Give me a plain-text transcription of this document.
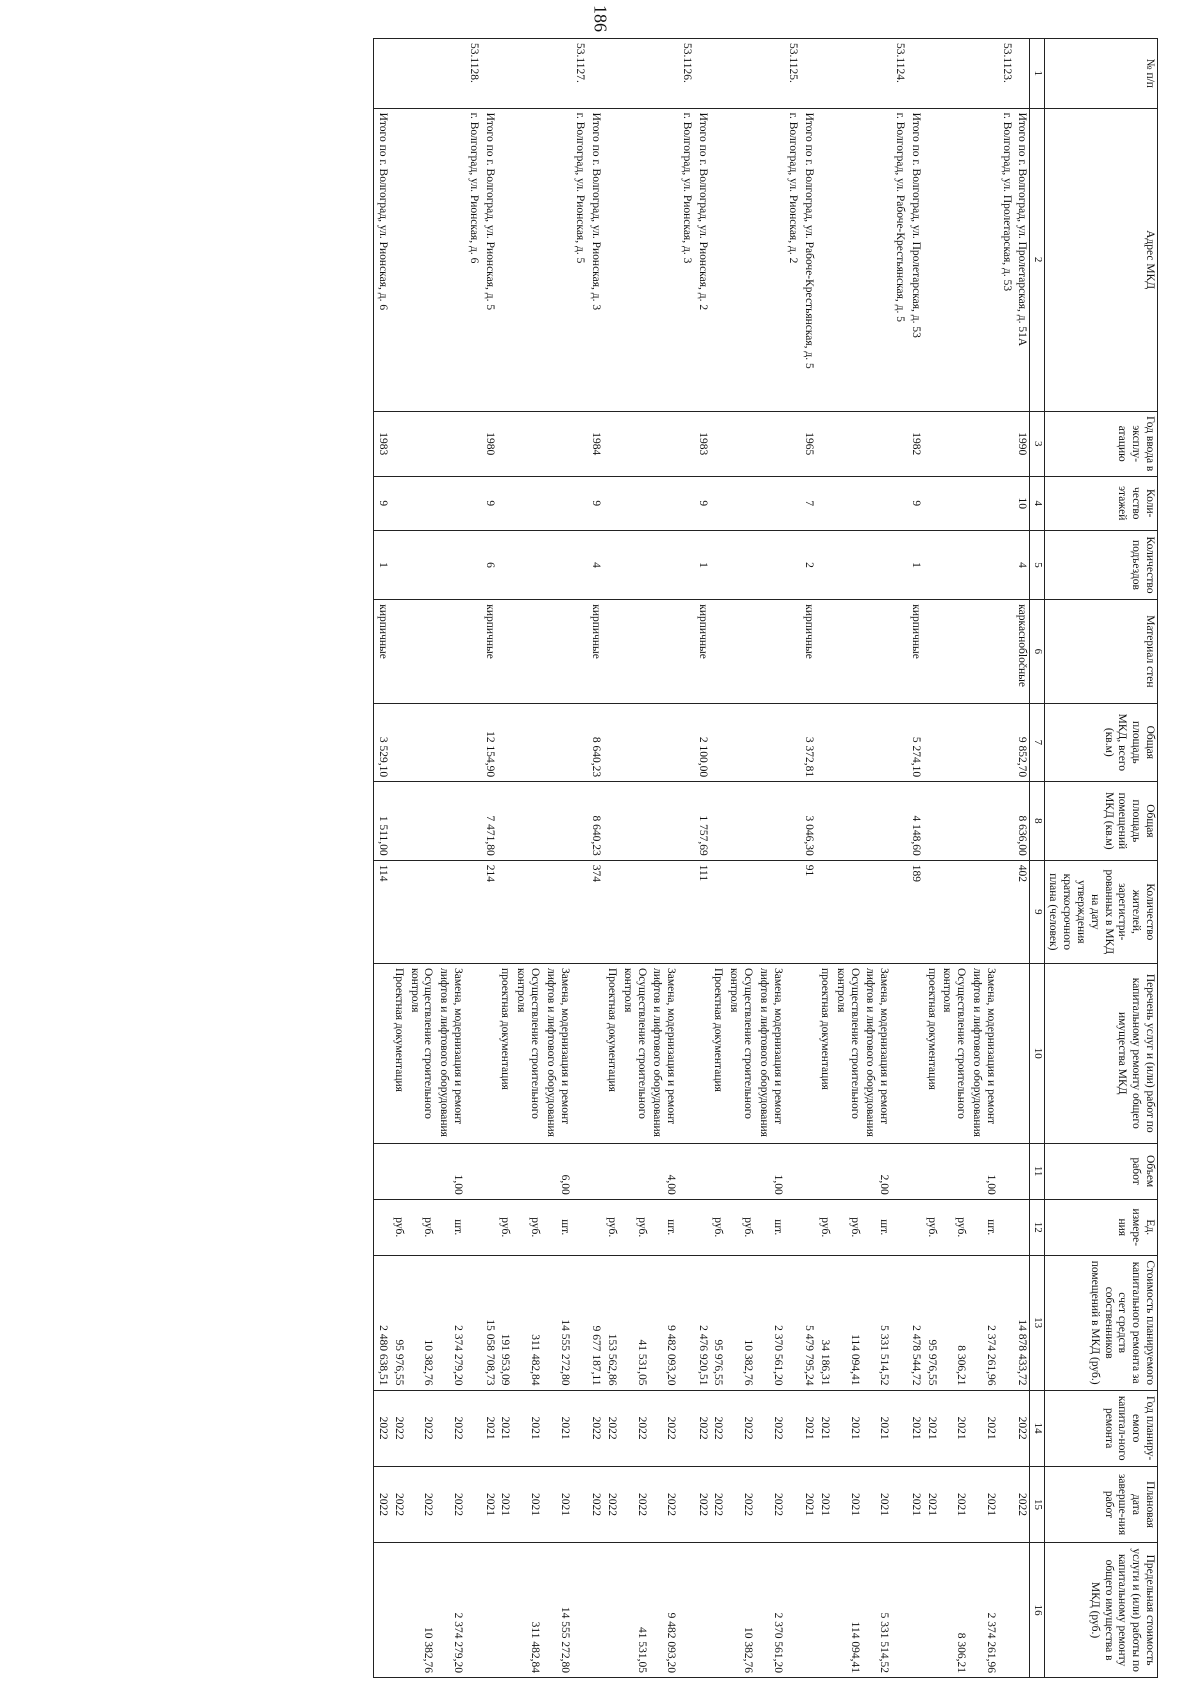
186
№ п/п	Адрес МКД	Год ввода в эксплу-атацию	Коли-чество этажей	Количество подъездов	Материал стен	Общая площадь МКД, всего (кв.м)	Общая площадь помещений МКД (кв.м)	Количество жителей, зарегистри-рованных в МКД на дату утверждения краткосрочного плана (человек)	Перечень услуг и (или) работ по капитальному ремонту общего имущества МКД	Объем работ	Ед. измере-ния	Стоимость планируемого капитального ремонта за счет средств собственников помещений в МКД (руб.)	Год планиру-емого капитал-ного ремонта	Плановая дата заверше-ния работ	Предельная стоимость услуги и (или) работы по капитальному ремонту общего имущества в МКД (руб.)
1	2	3	4	5	6	7	8	9	10	11	12	13	14	15	16
	Итого по г. Волгоград, ул. Пролетарская, д. 51А	1990	10	4	каркаснобločные	9 852,70	8 636,00	402				14 878 433,72	2022	2022	
53.1123.	г. Волгоград, ул. Пролетарская, д. 53														
									Замена, модернизация и ремонт лифтов и лифтового оборудования	1,00	шт.	2 374 261,96	2021	2021	2 374 261,96
									Осуществление строительного контроля		руб.	8 306,21	2021	2021	8 306,21
									проектная документация		руб.	95 976,55	2021	2021	
	Итого по г. Волгоград, ул. Пролетарская, д. 53	1982	9	1	кирпичные	5 274,10	4 148,60	189				2 478 544,72	2021	2021	
53.1124.	г. Волгоград, ул. Рабоче-Крестьянская, д. 5														
									Замена, модернизация и ремонт лифтов и лифтового оборудования	2,00	шт.	5 331 514,52	2021	2021	5 331 514,52
									Осуществление строительного контроля		руб.	114 094,41	2021	2021	114 094,41
									проектная документация		руб.	34 186,31	2021	2021	
	Итого по г. Волгоград, ул. Рабоче-Крестьянская, д. 5	1965	7	2	кирпичные	3 372,81	3 046,30	91				5 479 795,24	2021	2021	
53.1125.	г. Волгоград, ул. Рионская, д. 2														
									Замена, модернизация и ремонт лифтов и лифтового оборудования	1,00	шт.	2 370 561,20	2022	2022	2 370 561,20
									Осуществление строительного контроля		руб.	10 382,76	2022	2022	10 382,76
									Проектная документация		руб.	95 976,55	2022	2022	
	Итого по г. Волгоград, ул. Рионская, д. 2	1983	9	1	кирпичные	2 100,00	1 757,69	111				2 476 920,51	2022	2022	
53.1126.	г. Волгоград, ул. Рионская, д. 3														
									Замена, модернизация и ремонт лифтов и лифтового оборудования	4,00	шт.	9 482 093,20	2022	2022	9 482 093,20
									Осуществление строительного контроля		руб.	41 531,05	2022	2022	41 531,05
									Проектная документация		руб.	153 562,86	2022	2022	
	Итого по г. Волгоград, ул. Рионская, д. 3	1984	9	4	кирпичные	8 640,23	8 640,23	374				9 677 187,11	2022	2022	
53.1127.	г. Волгоград, ул. Рионская, д. 5														
									Замена, модернизация и ремонт лифтов и лифтового оборудования	6,00	шт.	14 555 272,80	2021	2021	14 555 272,80
									Осуществление строительного контроля		руб.	311 482,84	2021	2021	311 482,84
									проектная документация		руб.	191 953,09	2021	2021	
	Итого по г. Волгоград, ул. Рионская, д. 5	1980	9	6	кирпичные	12 154,90	7 471,80	214				15 058 708,73	2021	2021	
53.1128.	г. Волгоград, ул. Рионская, д. 6														
									Замена, модернизация и ремонт лифтов и лифтового оборудования	1,00	шт.	2 374 279,20	2022	2022	2 374 279,20
									Осуществление строительного контроля		руб.	10 382,76	2022	2022	10 382,76
									Проектная документация		руб.	95 976,55	2022	2022	
	Итого по г. Волгоград, ул. Рионская, д. 6	1983	9	1	кирпичные	3 529,10	1 511,00	114				2 480 638,51	2022	2022	
